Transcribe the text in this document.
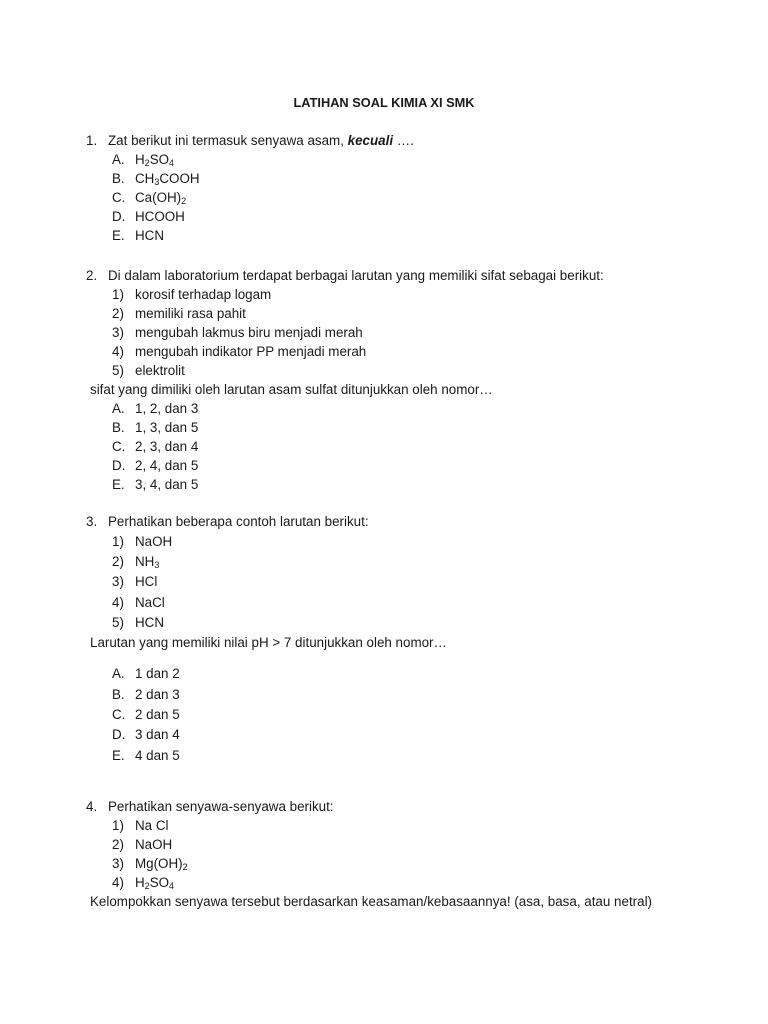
LATIHAN SOAL KIMIA XI SMK
1. Zat berikut ini termasuk senyawa asam, kecuali ….
A. $H_2SO_4$
B. $CH_3COOH$
C. $Ca(OH)_2$
D. HCOOH
E. HCN
2. Di dalam laboratorium terdapat berbagai larutan yang memiliki sifat sebagai berikut:
1) korosif terhadap logam
2) memiliki rasa pahit
3) mengubah lakmus biru menjadi merah
4) mengubah indikator PP menjadi merah
5) elektrolit
sifat yang dimiliki oleh larutan asam sulfat ditunjukkan oleh nomor…
A. 1, 2, dan 3
B. 1, 3, dan 5
C. 2, 3, dan 4
D. 2, 4, dan 5
E. 3, 4, dan 5
3. Perhatikan beberapa contoh larutan berikut:
1) NaOH
2) $NH_3$
3) HCl
4) NaCl
5) HCN
Larutan yang memiliki nilai pH > 7 ditunjukkan oleh nomor…
A. 1 dan 2
B. 2 dan 3
C. 2 dan 5
D. 3 dan 4
E. 4 dan 5
4. Perhatikan senyawa-senyawa berikut:
1) Na Cl
2) NaOH
3) $Mg(OH)_2$
4) $H_2SO_4$
Kelompokkan senyawa tersebut berdasarkan keasaman/kebasaannya! (asa, basa, atau netral)
